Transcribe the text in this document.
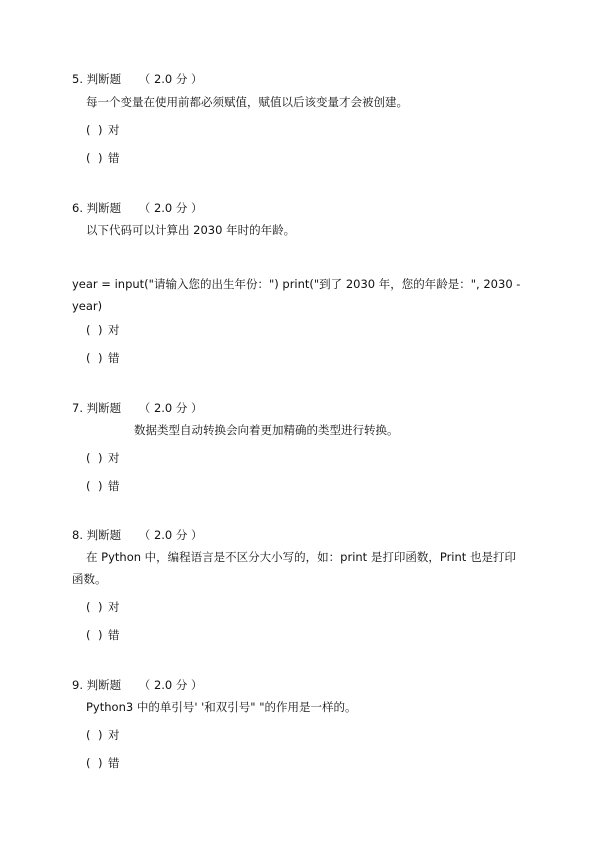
5. 判断题 （ 2.0 分 ）
每一个变量在使用前都必须赋值，赋值以后该变量才会被创建。
( ) 对
( ) 错
6. 判断题 （ 2.0 分 ）
以下代码可以计算出 2030 年时的年龄。
year = input("请输入您的出生年份：") print("到了 2030 年，您的年龄是：", 2030 -
year)
( ) 对
( ) 错
7. 判断题 （ 2.0 分 ）
数据类型自动转换会向着更加精确的类型进行转换。
( ) 对
( ) 错
8. 判断题 （ 2.0 分 ）
在 Python 中，编程语言是不区分大小写的，如：print 是打印函数，Print 也是打印
函数。
( ) 对
( ) 错
9. 判断题 （ 2.0 分 ）
Python3 中的单引号' '和双引号" "的作用是一样的。
( ) 对
( ) 错
